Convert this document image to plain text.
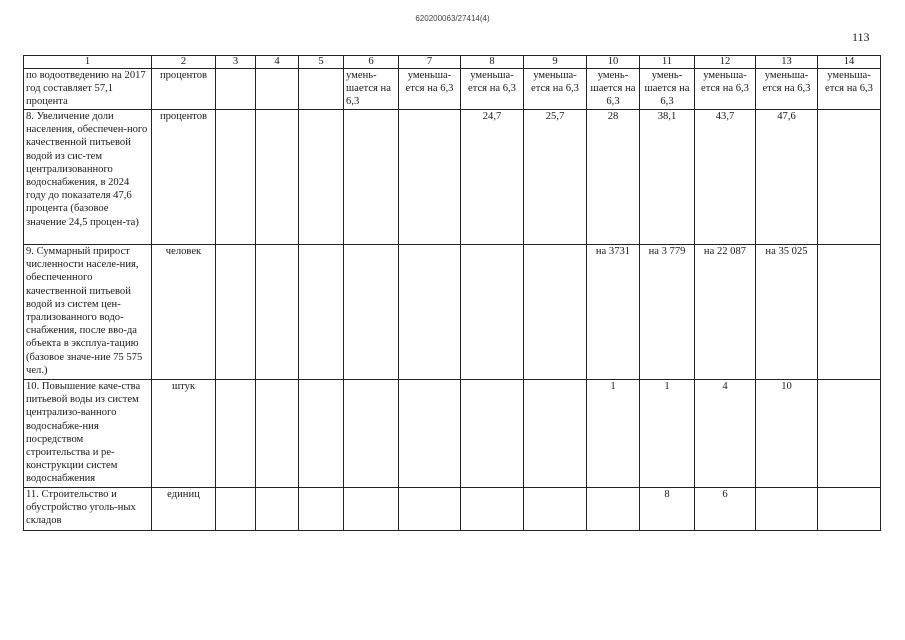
620200063/27414(4)
113
1	2	3	4	5	6	7	8	9	10	11	12	13	14
по водоотведению на 2017 год составляет 57,1 процента	процентов				умень-шается на 6,3	уменьша-ется на 6,3	уменьша-ется на 6,3	уменьша-ется на 6,3	умень-шается на 6,3	умень-шается на 6,3	уменьша-ется на 6,3	уменьша-ется на 6,3	уменьша-ется на 6,3
8. Увеличение доли населения, обеспечен-ного качественной питьевой водой из сис-тем централизованного водоснабжения, в 2024 году до показателя 47,6 процента (базовое значение 24,5 процен-та)	процентов						24,7	25,7	28	38,1	43,7	47,6	
9. Суммарный прирост численности населе-ния, обеспеченного качественной питьевой водой из систем цен-трализованного водо-снабжения, после вво-да объекта в эксплуа-тацию (базовое значе-ние 75 575 чел.)	человек								на 3731	на 3 779	на 22 087	на 35 025	
10. Повышение каче-ства питьевой воды из систем централизо-ванного водоснабже-ния посредством строительства и ре-конструкции систем водоснабжения	штук								1	1	4	10	
11. Строительство и обустройство уголь-ных складов	единиц									8	6		
